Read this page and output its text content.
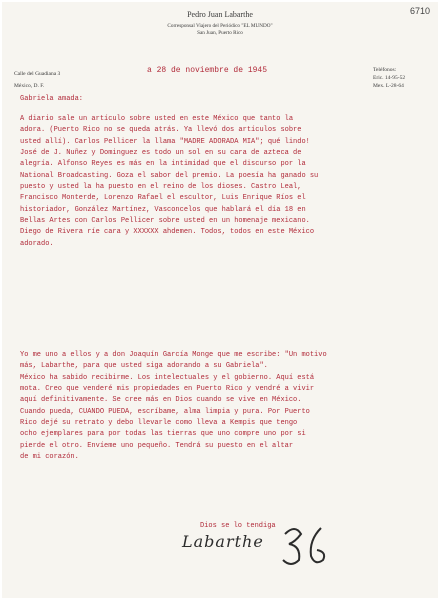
6710
Pedro Juan Labarthe
Corresponsal Viajero del Periódico "EL MUNDO"
San Juan, Puerto Rico
Calle del Guadiana 3
México, D. F.
a 28 de noviembre de 1945	Teléfonos:
Eric. 14-95-52
Mex. L-28-64
Gabriela amada:
A diario sale un artículo sobre usted en este México que tanto la
adora. (Puerto Rico no se queda atrás. Ya llevó dos artículos sobre
usted allí). Carlos Pellicer la llama "MADRE ADORADA MIA"; qué lindo!
José de J. Nuñez y Dominguez es todo un sol en su cara de azteca de
alegría. Alfonso Reyes es más en la intimidad que el discurso por la
National Broadcasting. Goza el sabor del premio. La poesía ha ganado su
puesto y usted la ha puesto en el reino de los dioses. Castro Leal,
Francisco Monterde, Lorenzo Rafael el escultor, Luis Enrique Ríos el
historiador, González Martínez, Vasconcelos que hablará el día 18 en
Bellas Artes con Carlos Pellicer sobre usted en un homenaje mexicano.
Diego de Rivera ríe cara y XXXXXX ahdemen. Todos, todos en este México
adorado.
Yo me uno a ellos y a don Joaquín García Monge que me escribe: "Un motivo
más, Labarthe, para que usted siga adorando a su Gabriela".
México ha sabido recibirme. Los intelectuales y el gobierno. Aquí está
mota. Creo que venderé mis propiedades en Puerto Rico y vendré a vivir
aquí definitivamente. Se cree más en Dios cuando se vive en México.
Cuando pueda, CUANDO PUEDA, escríbame, alma limpia y pura. Por Puerto
Rico dejé su retrato y debo llevarle como lleva a Kempis que tengo
ocho ejemplares para por todas las tierras que uno compre uno por si
pierde el otro. Envíeme uno pequeño. Tendrá su puesto en el altar
de mi corazón.
Dios se lo tendiga
Labarthe
